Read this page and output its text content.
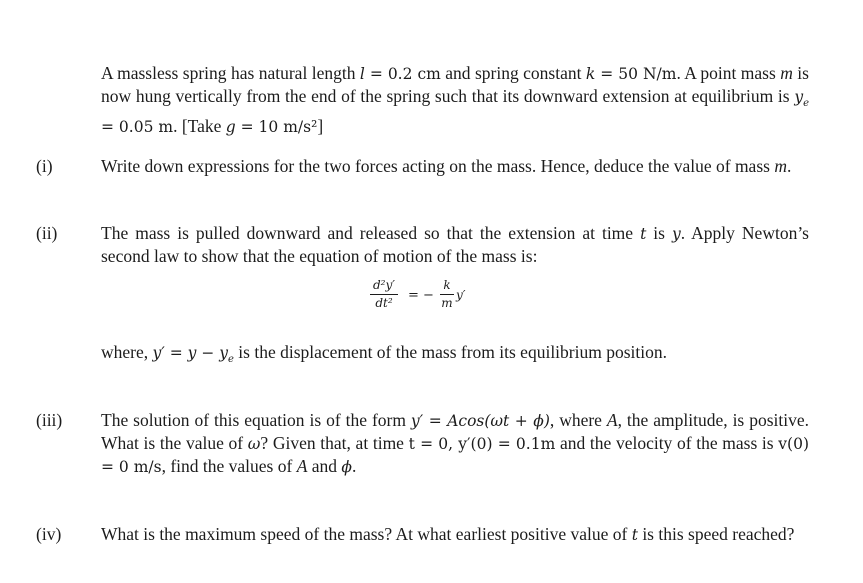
A massless spring has natural length l = 0.2 cm and spring constant k = 50 N/m. A point mass m is now hung vertically from the end of the spring such that its downward extension at equilibrium is $y_e = 0.05$ m. [Take g = 10 m/s²]
(i)	Write down expressions for the two forces acting on the mass. Hence, deduce the value of mass m.
(ii) The mass is pulled downward and released so that the extension at time t is y. Apply Newton’s second law to show that the equation of motion of the mass is:
d²y′
dt²	= −
k
m
y′
where, $y' = y - y_e$ is the displacement of the mass from its equilibrium position.
(iii) The solution of this equation is of the form y′ = Acos(ωt + ϕ), where A, the amplitude, is positive. What is the value of ω? Given that, at time t = 0, y′(0) = 0.1m and the velocity of the mass is v(0) = 0 m/s, find the values of A and ϕ.
(iv) What is the maximum speed of the mass? At what earliest positive value of t is this speed reached?
